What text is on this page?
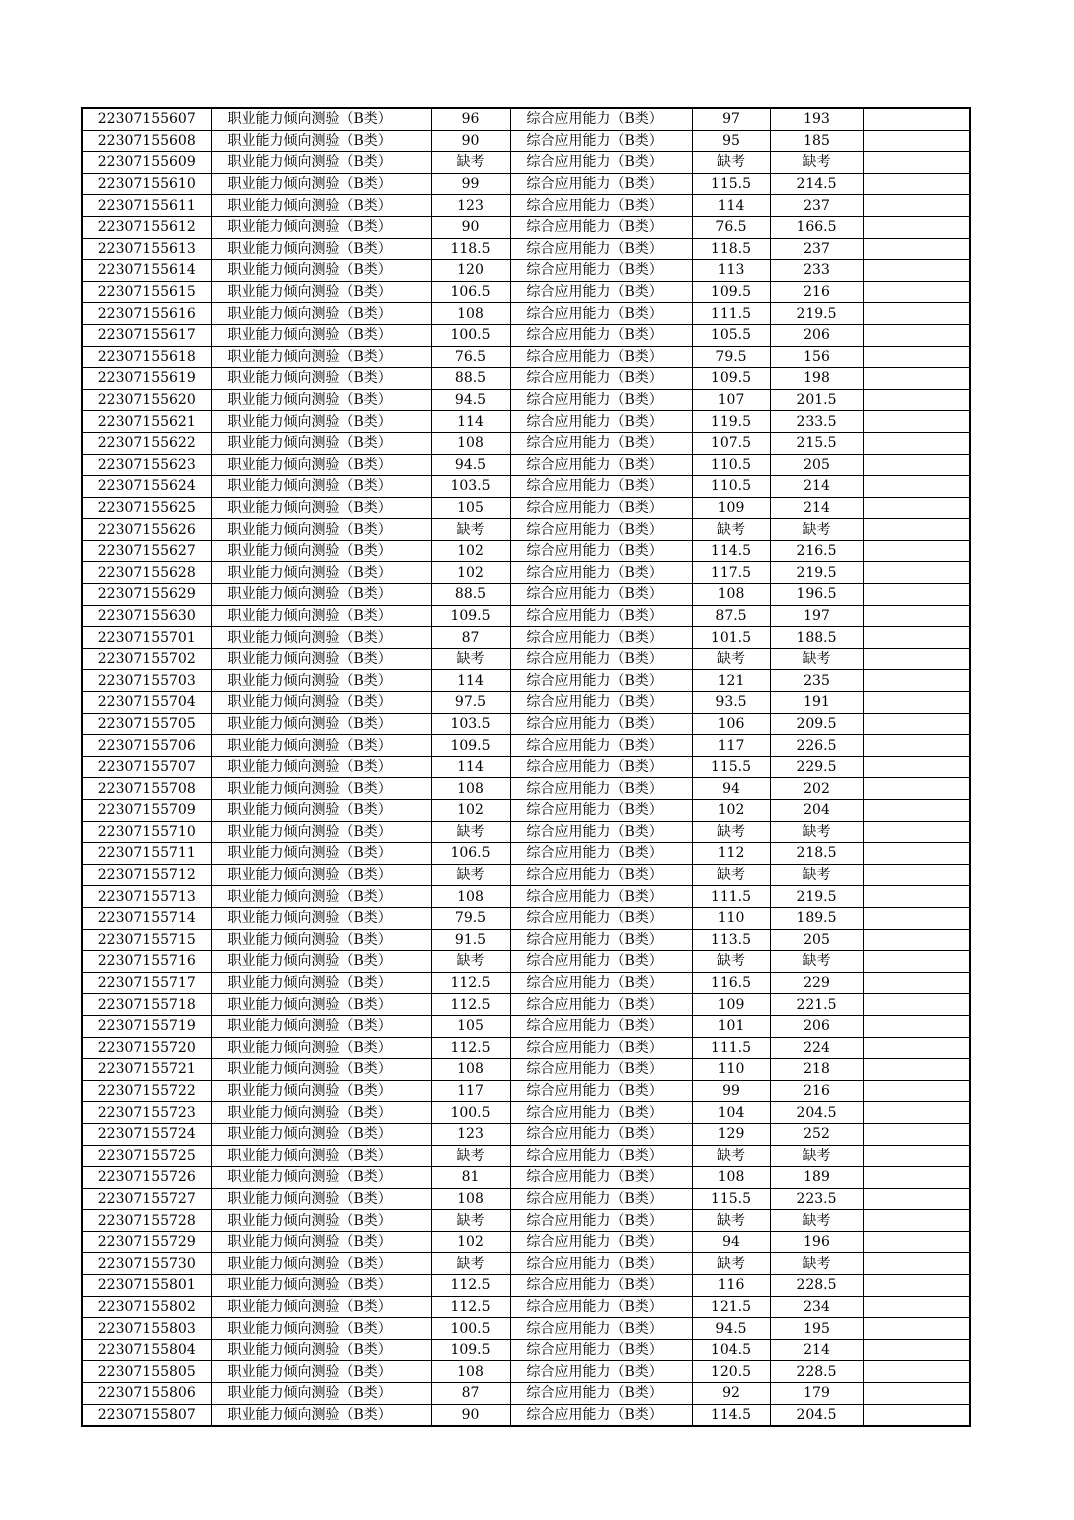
22307155607	职业能力倾向测验（B类）	96	综合应用能力（B类）	97	193	
22307155608	职业能力倾向测验（B类）	90	综合应用能力（B类）	95	185	
22307155609	职业能力倾向测验（B类）	缺考	综合应用能力（B类）	缺考	缺考	
22307155610	职业能力倾向测验（B类）	99	综合应用能力（B类）	115.5	214.5	
22307155611	职业能力倾向测验（B类）	123	综合应用能力（B类）	114	237	
22307155612	职业能力倾向测验（B类）	90	综合应用能力（B类）	76.5	166.5	
22307155613	职业能力倾向测验（B类）	118.5	综合应用能力（B类）	118.5	237	
22307155614	职业能力倾向测验（B类）	120	综合应用能力（B类）	113	233	
22307155615	职业能力倾向测验（B类）	106.5	综合应用能力（B类）	109.5	216	
22307155616	职业能力倾向测验（B类）	108	综合应用能力（B类）	111.5	219.5	
22307155617	职业能力倾向测验（B类）	100.5	综合应用能力（B类）	105.5	206	
22307155618	职业能力倾向测验（B类）	76.5	综合应用能力（B类）	79.5	156	
22307155619	职业能力倾向测验（B类）	88.5	综合应用能力（B类）	109.5	198	
22307155620	职业能力倾向测验（B类）	94.5	综合应用能力（B类）	107	201.5	
22307155621	职业能力倾向测验（B类）	114	综合应用能力（B类）	119.5	233.5	
22307155622	职业能力倾向测验（B类）	108	综合应用能力（B类）	107.5	215.5	
22307155623	职业能力倾向测验（B类）	94.5	综合应用能力（B类）	110.5	205	
22307155624	职业能力倾向测验（B类）	103.5	综合应用能力（B类）	110.5	214	
22307155625	职业能力倾向测验（B类）	105	综合应用能力（B类）	109	214	
22307155626	职业能力倾向测验（B类）	缺考	综合应用能力（B类）	缺考	缺考	
22307155627	职业能力倾向测验（B类）	102	综合应用能力（B类）	114.5	216.5	
22307155628	职业能力倾向测验（B类）	102	综合应用能力（B类）	117.5	219.5	
22307155629	职业能力倾向测验（B类）	88.5	综合应用能力（B类）	108	196.5	
22307155630	职业能力倾向测验（B类）	109.5	综合应用能力（B类）	87.5	197	
22307155701	职业能力倾向测验（B类）	87	综合应用能力（B类）	101.5	188.5	
22307155702	职业能力倾向测验（B类）	缺考	综合应用能力（B类）	缺考	缺考	
22307155703	职业能力倾向测验（B类）	114	综合应用能力（B类）	121	235	
22307155704	职业能力倾向测验（B类）	97.5	综合应用能力（B类）	93.5	191	
22307155705	职业能力倾向测验（B类）	103.5	综合应用能力（B类）	106	209.5	
22307155706	职业能力倾向测验（B类）	109.5	综合应用能力（B类）	117	226.5	
22307155707	职业能力倾向测验（B类）	114	综合应用能力（B类）	115.5	229.5	
22307155708	职业能力倾向测验（B类）	108	综合应用能力（B类）	94	202	
22307155709	职业能力倾向测验（B类）	102	综合应用能力（B类）	102	204	
22307155710	职业能力倾向测验（B类）	缺考	综合应用能力（B类）	缺考	缺考	
22307155711	职业能力倾向测验（B类）	106.5	综合应用能力（B类）	112	218.5	
22307155712	职业能力倾向测验（B类）	缺考	综合应用能力（B类）	缺考	缺考	
22307155713	职业能力倾向测验（B类）	108	综合应用能力（B类）	111.5	219.5	
22307155714	职业能力倾向测验（B类）	79.5	综合应用能力（B类）	110	189.5	
22307155715	职业能力倾向测验（B类）	91.5	综合应用能力（B类）	113.5	205	
22307155716	职业能力倾向测验（B类）	缺考	综合应用能力（B类）	缺考	缺考	
22307155717	职业能力倾向测验（B类）	112.5	综合应用能力（B类）	116.5	229	
22307155718	职业能力倾向测验（B类）	112.5	综合应用能力（B类）	109	221.5	
22307155719	职业能力倾向测验（B类）	105	综合应用能力（B类）	101	206	
22307155720	职业能力倾向测验（B类）	112.5	综合应用能力（B类）	111.5	224	
22307155721	职业能力倾向测验（B类）	108	综合应用能力（B类）	110	218	
22307155722	职业能力倾向测验（B类）	117	综合应用能力（B类）	99	216	
22307155723	职业能力倾向测验（B类）	100.5	综合应用能力（B类）	104	204.5	
22307155724	职业能力倾向测验（B类）	123	综合应用能力（B类）	129	252	
22307155725	职业能力倾向测验（B类）	缺考	综合应用能力（B类）	缺考	缺考	
22307155726	职业能力倾向测验（B类）	81	综合应用能力（B类）	108	189	
22307155727	职业能力倾向测验（B类）	108	综合应用能力（B类）	115.5	223.5	
22307155728	职业能力倾向测验（B类）	缺考	综合应用能力（B类）	缺考	缺考	
22307155729	职业能力倾向测验（B类）	102	综合应用能力（B类）	94	196	
22307155730	职业能力倾向测验（B类）	缺考	综合应用能力（B类）	缺考	缺考	
22307155801	职业能力倾向测验（B类）	112.5	综合应用能力（B类）	116	228.5	
22307155802	职业能力倾向测验（B类）	112.5	综合应用能力（B类）	121.5	234	
22307155803	职业能力倾向测验（B类）	100.5	综合应用能力（B类）	94.5	195	
22307155804	职业能力倾向测验（B类）	109.5	综合应用能力（B类）	104.5	214	
22307155805	职业能力倾向测验（B类）	108	综合应用能力（B类）	120.5	228.5	
22307155806	职业能力倾向测验（B类）	87	综合应用能力（B类）	92	179	
22307155807	职业能力倾向测验（B类）	90	综合应用能力（B类）	114.5	204.5	
